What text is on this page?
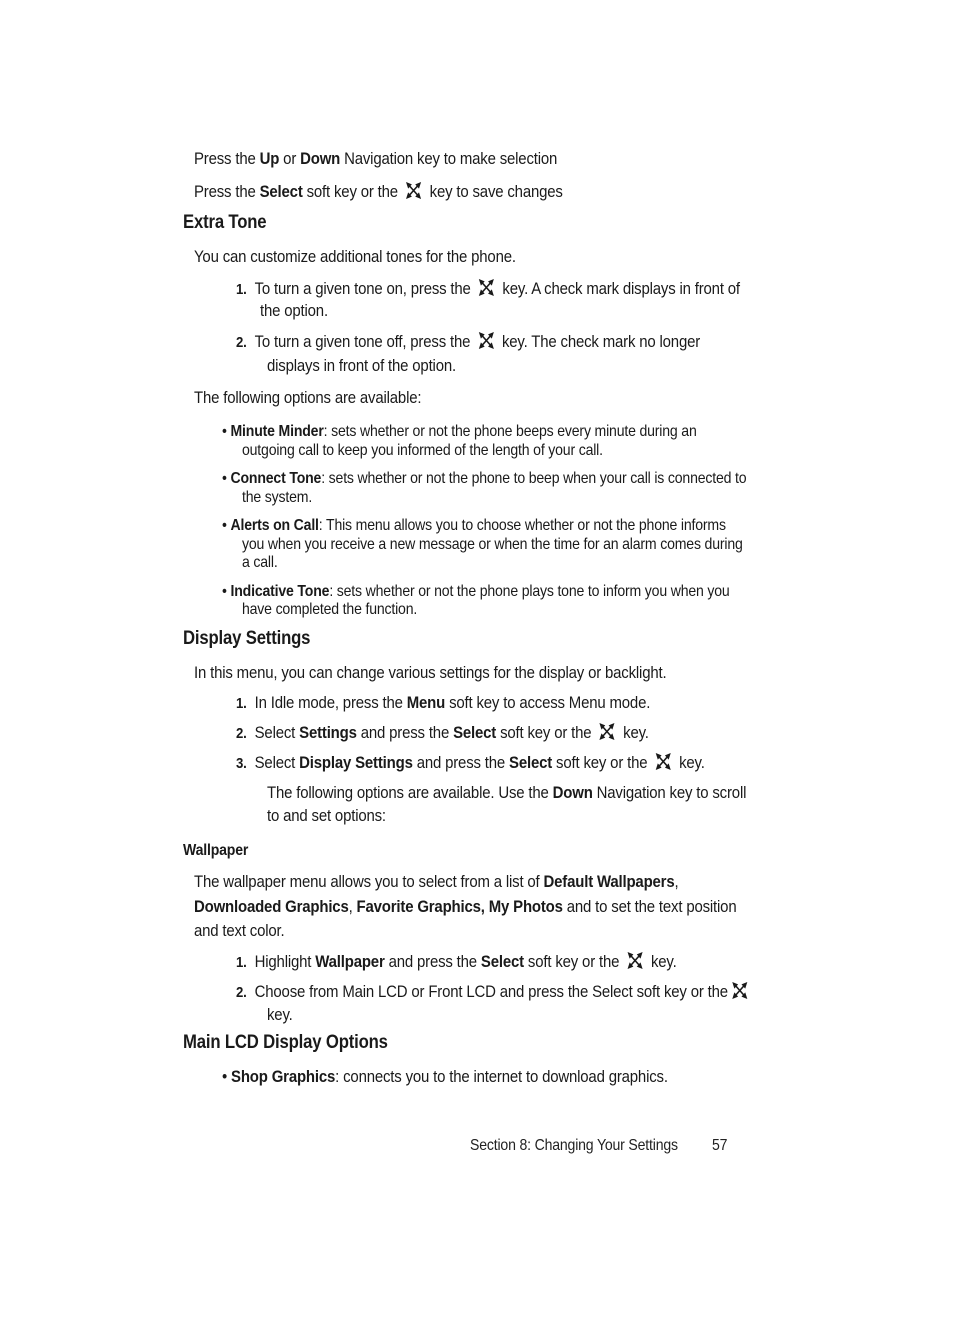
Press the Up or Down Navigation key to make selection
Press the Select soft key or the
key to save changes
Extra Tone
You can customize additional tones for the phone.
1. To turn a given tone on, press the
key. A check mark displays in front of
the option.
2. To turn a given tone off, press the
key. The check mark no longer
displays in front of the option.
The following options are available:
• Minute Minder: sets whether or not the phone beeps every minute during an
outgoing call to keep you informed of the length of your call.
• Connect Tone: sets whether or not the phone to beep when your call is connected to
the system.
• Alerts on Call: This menu allows you to choose whether or not the phone informs
you when you receive a new message or when the time for an alarm comes during
a call.
• Indicative Tone: sets whether or not the phone plays tone to inform you when you
have completed the function.
Display Settings
In this menu, you can change various settings for the display or backlight.
1. In Idle mode, press the Menu soft key to access Menu mode.
2. Select Settings and press the Select soft key or the
key.
3. Select Display Settings and press the Select soft key or the
key.
The following options are available. Use the Down Navigation key to scroll
to and set options:
Wallpaper
The wallpaper menu allows you to select from a list of Default Wallpapers,
Downloaded Graphics, Favorite Graphics, My Photos and to set the text position
and text color.
1. Highlight Wallpaper and press the Select soft key or the
key.
2. Choose from Main LCD or Front LCD and press the Select soft key or the
key.
Main LCD Display Options
• Shop Graphics: connects you to the internet to download graphics.
Section 8: Changing Your Settings 57
